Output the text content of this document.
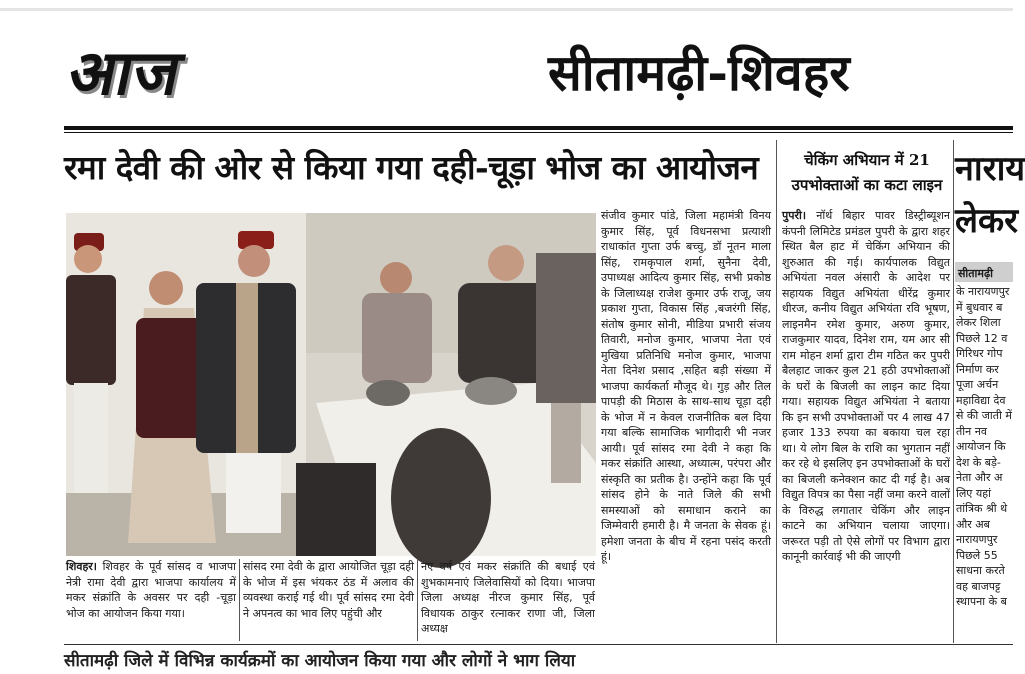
आज	सीतामढ़ी-शिवहर
रमा देवी की ओर से किया गया दही-चूड़ा भोज का आयोजन
शिवहर। शिवहर के पूर्व सांसद व भाजपा नेत्री रामा देवी द्वारा भाजपा कार्यालय में मकर संक्रांति के अवसर पर दही -चूड़ा भोज का आयोजन किया गया।
सांसद रमा देवी के द्वारा आयोजित चूड़ा दही के भोज में इस भंयकर ठंड में अलाव की व्यवस्था कराई गई थी। पूर्व सांसद रमा देवी ने अपनत्व का भाव लिए पहुंची और
नए वर्ष एवं मकर संक्रांति की बधाई एवं शुभकामनाएं जिलेवासियों को दिया। भाजपा जिला अध्यक्ष नीरज कुमार सिंह, पूर्व विधायक ठाकुर रत्नाकर राणा जी, जिला अध्यक्ष
संजीव कुमार पांडे, जिला महामंत्री विनय कुमार सिंह, पूर्व विधनसभा प्रत्याशी राधाकांत गुप्ता उर्फ बच्चु, डॉ नूतन माला सिंह, रामकृपाल शर्मा, सुनैना देवी, उपाध्यक्ष आदित्य कुमार सिंह, सभी प्रकोष्ठ के जिलाध्यक्ष राजेश कुमार उर्फ राजू, जय प्रकाश गुप्ता, विकास सिंह ,बजरंगी सिंह, संतोष कुमार सोनी, मीडिया प्रभारी संजय तिवारी, मनोज कुमार, भाजपा नेता एवं मुखिया प्रतिनिधि मनोज कुमार, भाजपा नेता दिनेश प्रसाद ,सहित बड़ी संख्या में भाजपा कार्यकर्ता मौजूद थे। गुड़ और तिल पापड़ी की मिठास के साथ-साथ चूड़ा दही के भोज में न केवल राजनीतिक बल दिया गया बल्कि सामाजिक भागीदारी भी नजर आयी। पूर्व सांसद रमा देवी ने कहा कि मकर संक्रांति आस्था, अध्यात्म, परंपरा और संस्कृति का प्रतीक है। उन्होंने कहा कि पूर्व सांसद होने के नाते जिले की सभी समस्याओं को समाधान कराने का जिम्मेवारी हमारी है। मै जनता के सेवक हूं। हमेशा जनता के बीच में रहना पसंद करती हूं।
चेकिंग अभियान में 21 उपभोक्ताओं का कटा लाइन
पुपरी। नॉर्थ बिहार पावर डिस्ट्रीब्यूशन कंपनी लिमिटेड प्रमंडल पुपरी के द्वारा शहर स्थित बैल हाट में चेकिंग अभियान की शुरुआत की गई। कार्यपालक विद्युत अभियंता नवल अंसारी के आदेश पर सहायक विद्युत अभियंता धीरेंद्र कुमार धीरज, कनीय विद्युत अभियंता रवि भूषण, लाइनमैन रमेश कुमार, अरुण कुमार, राजकुमार यादव, दिनेश राम, यम आर सी राम मोहन शर्मा द्वारा टीम गठित कर पुपरी बैलहाट जाकर कुल 21 हठी उपभोक्ताओं के घरों के बिजली का लाइन काट दिया गया। सहायक विद्युत अभियंता ने बताया कि इन सभी उपभोक्ताओं पर 4 लाख 47 हजार 133 रुपया का बकाया चल रहा था। ये लोग बिल के राशि का भुगतान नहीं कर रहे थे इसलिए इन उपभोक्ताओं के घरों का बिजली कनेक्शन काट दी गई है। अब विद्युत विपत्र का पैसा नहीं जमा करने वालों के विरुद्ध लगातार चेकिंग और लाइन काटने का अभियान चलाया जाएगा। जरूरत पड़ी तो ऐसे लोगों पर विभाग द्वारा कानूनी कार्रवाई भी की जाएगी
नाराय
लेकर
सीतामढ़ी
के नारायणपुर में बुधवार ब लेकर शिला पिछले 12 व गिरिधर गोप निर्माण कर पूजा अर्चन महाविद्या देव से की जाती में तीन नव आयोजन कि देश के बड़े- नेता और अ लिए यहां तांत्रिक श्री थे और अब नारायणपुर पिछले 55 साधना करते वह बाजपट्ट स्थापना के ब
सीतामढ़ी जिले में विभिन्न कार्यक्रमों का आयोजन किया गया और लोगों ने भाग लिया
